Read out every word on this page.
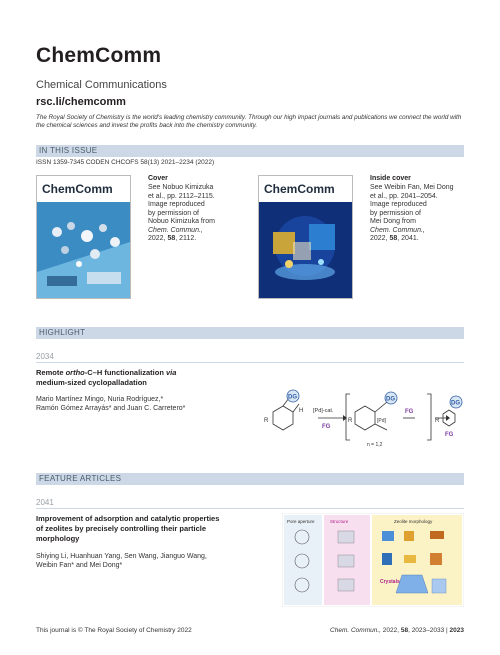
ChemComm
Chemical Communications
rsc.li/chemcomm
The Royal Society of Chemistry is the world's leading chemistry community. Through our high impact journals and publications we connect the world with the chemical sciences and invest the profits back into the chemistry community.
IN THIS ISSUE
ISSN 1359-7345 CODEN CHCOFS 58(13) 2021–2234 (2022)
ChemComm
Cover
See Nobuo Kimizuka
et al., pp. 2112–2115.
Image reproduced
by permission of
Nobuo Kimizuka from
Chem. Commun.,
2022, 58, 2112.
ChemComm
Inside cover
See Weibin Fan, Mei Dong
et al., pp. 2041–2054.
Image reproduced
by permission of
Mei Dong from
Chem. Commun.,
2022, 58, 2041.
HIGHLIGHT
2034
Remote ortho-C–H functionalization via
medium-sized cyclopalladation
Mario Martínez Mingo, Nuria Rodríguez,*
Ramón Gómez Arrayás* and Juan C. Carretero*
DG	DG
DG
H
R	R	R
[Pd]-cat.
FG
FG
FG
[Pd]
n = 1,2
FEATURE ARTICLES
2041
Improvement of adsorption and catalytic properties
of zeolites by precisely controlling their particle
morphology
Shiying Li, Huanhuan Yang, Sen Wang, Jianguo Wang,
Weibin Fan* and Mei Dong*
Pore aperture	Structure	Zeolite morphology
Crystals
This journal is © The Royal Society of Chemistry 2022	Chem. Commun., 2022, 58, 2023–2033 | 2023
